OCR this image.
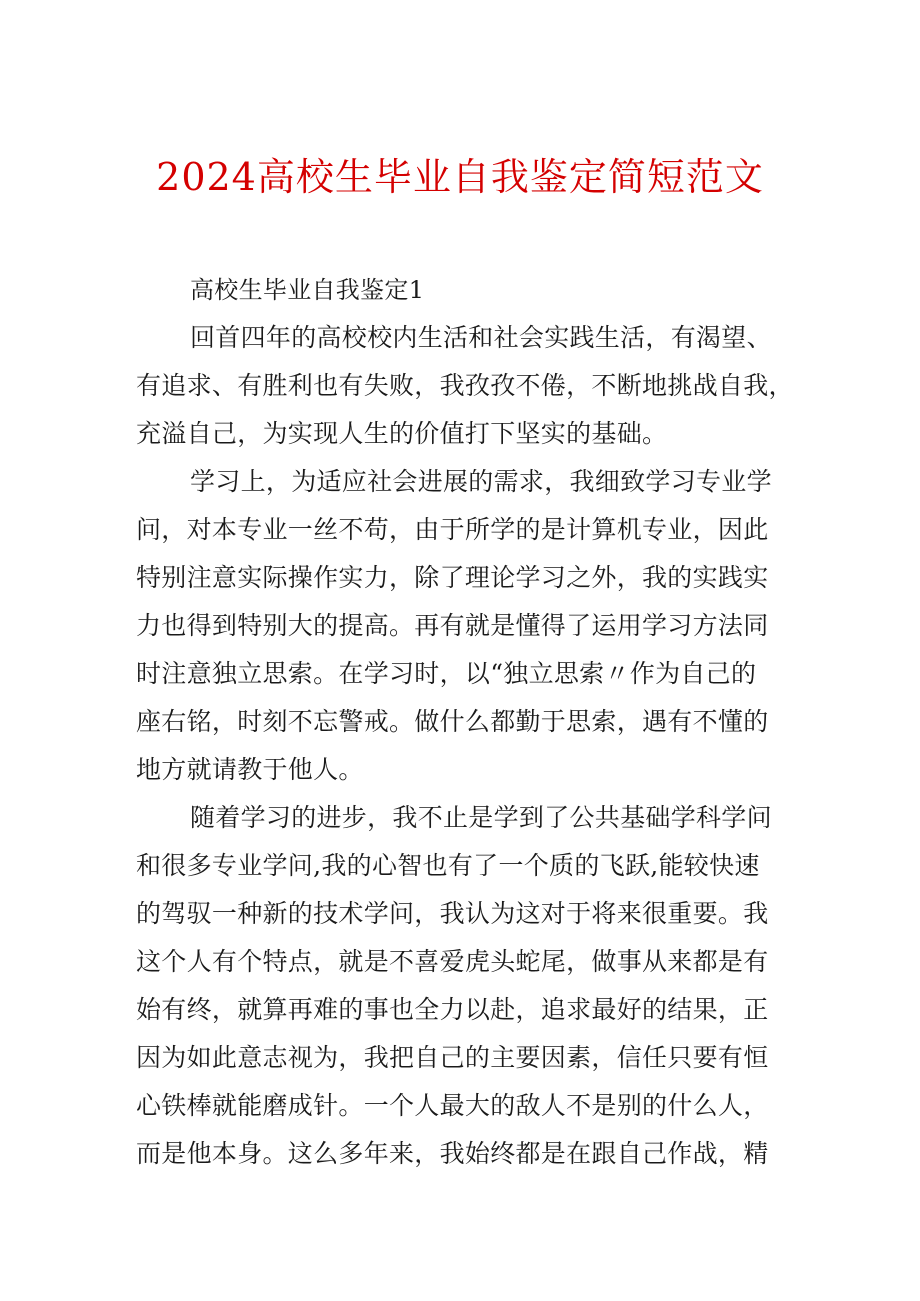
2024高校生毕业自我鉴定简短范文
高校生毕业自我鉴定1
回首四年的高校校内生活和社会实践生活，有渴望、
有追求、有胜利也有失败，我孜孜不倦，不断地挑战自我，
充溢自己，为实现人生的价值打下坚实的基础。
学习上，为适应社会进展的需求，我细致学习专业学
问，对本专业一丝不苟，由于所学的是计算机专业，因此
特别注意实际操作实力，除了理论学习之外，我的实践实
力也得到特别大的提高。再有就是懂得了运用学习方法同
时注意独立思索。在学习时，以“独立思索〃作为自己的
座右铭，时刻不忘警戒。做什么都勤于思索，遇有不懂的
地方就请教于他人。
随着学习的进步，我不止是学到了公共基础学科学问
和很多专业学问,我的心智也有了一个质的飞跃,能较快速
的驾驭一种新的技术学问，我认为这对于将来很重要。我
这个人有个特点，就是不喜爱虎头蛇尾，做事从来都是有
始有终，就算再难的事也全力以赴，追求最好的结果，正
因为如此意志视为，我把自己的主要因素，信任只要有恒
心铁棒就能磨成针。一个人最大的敌人不是别的什么人，
而是他本身。这么多年来，我始终都是在跟自己作战，精
